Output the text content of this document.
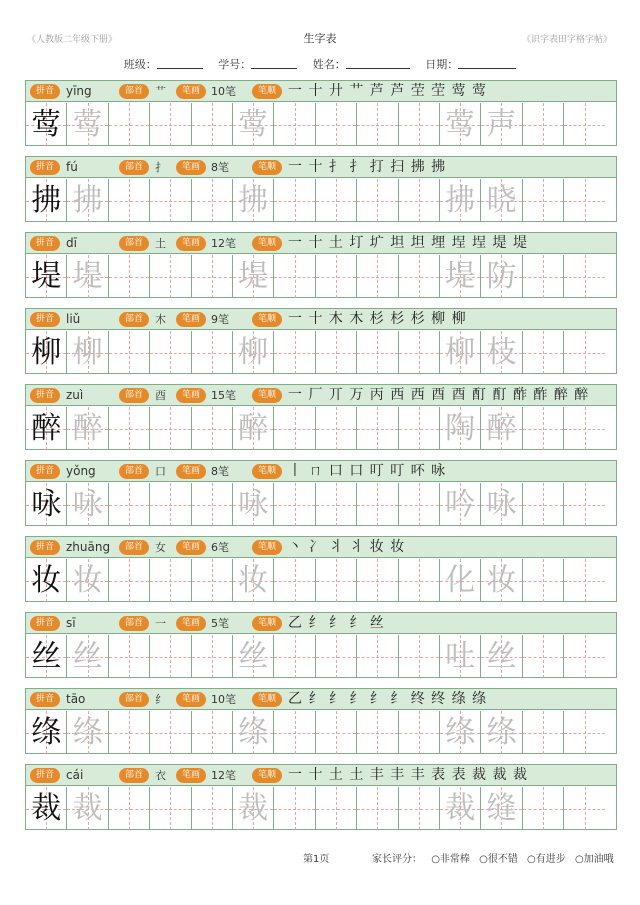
《人教版二年级下册》	生字表	《识字表田字格字帖》
班级：	学号：	姓名：	日期：
拼音	yīng	部首	艹	笔画	10笔	笔顺 一 十 廾 艹 芦 芦 茔 茔 莺 莺
莺 莺	莺	莺 声
拼音	fú	部首	扌	笔画	8笔	笔顺 一 十 扌 扌 打 扫 拂 拂
拂 拂	拂	拂 晓
拼音	dī	部首	土	笔画	12笔	笔顺 一 十 土 圢 圹 坦 坦 埋 埕 埕 堤 堤
堤 堤	堤	堤 防
拼音	liǔ	部首	木	笔画	9笔	笔顺 一 十 木 木 杉 杉 杉 柳 柳
柳 柳	柳	柳 枝
拼音	zuì	部首	酉	笔画	15笔	笔顺 一 厂 丌 万 丙 西 西 酉 酉 酊 酊 酢 酢 醉 醉
醉 醉	醉	陶 醉
拼音	yǒng	部首	口	笔画	8笔	笔顺 丨 ㄇ 口 口 叮 叮 吥 咏
咏 咏	咏	吟 咏
拼音	zhuāng	部首	女	笔画	6笔	笔顺 丶 冫 丬 丬 妆 妆
妆 妆	妆	化 妆
拼音	sī	部首	一	笔画	5笔	笔顺 乙 纟 纟 纟 丝
丝 丝	丝	吐 丝
拼音	tāo	部首	纟	笔画	10笔	笔顺 乙 纟 纟 纟 纟 纟 终 终 绦 绦
绦 绦	绦	绦 绦
拼音	cái	部首	衣	笔画	12笔	笔顺 一 十 土 土 丰 丰 丰 表 表 裁 裁 裁
裁 裁	裁	裁 缝
第1页	家长评分： ○非常棒 ○很不错 ○有进步 ○加油哦
